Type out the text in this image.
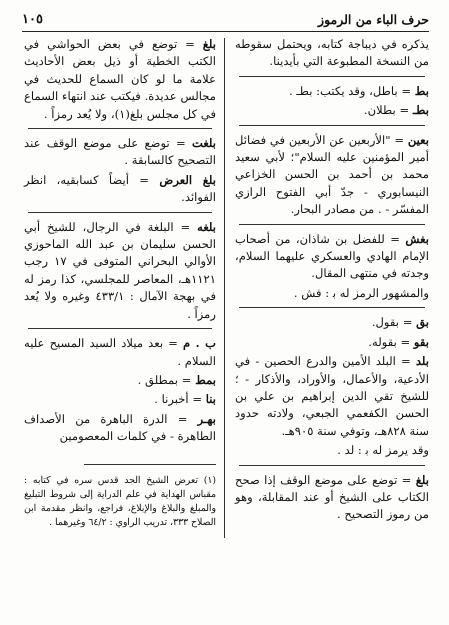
حرف الباء من الرموز
١٠٥

يذكره في ديباجة كتابه، ويحتمل سقوطه من النسخة المطبوعة التي بأيدينا.

بط = باطل، وقد يكتب: بطـ .

بطـ = بطلان.

بعين = "الأربعين عن الأربعين في فضائل أمير المؤمنين عليه السلام"؛ لأبي سعيد محمد بن أحمد بن الحسن الخزاعي النيسابوري - جدّ أبي الفتوح الرازي المفسّر - . من مصادر البحار.

بغش = للفضل بن شاذان، من أصحاب الإمام الهادي والعسكري عليهما السلام، وجدته في منتهى المقال.

والمشهور الرمز له ب‍ : فش .

بق = بقول.

بقو = بقوله.

بلد = البلد الأمين والدرع الحصين - في الأدعية، والأعمال، والأوراد، والأذكار - ؛ للشيخ تقي الدين إبراهيم بن علي بن الحسن الكفعمي الجبعي، ولادته حدود سنة ٨٢٨هـ، وتوفي سنة ٩٠٥هـ.

وقد يرمز له ب‍ : لد .

بلغ = توضع على موضع الوقف إذا صحح الكتاب على الشيخ أو عند المقابلة، وهو من رموز التصحيح .

بلغ = توضع في بعض الحواشي في الكتب الخطية أو ذيل بعض الأحاديث علامة ما لو كان السماع للحديث في مجالس عديدة. فيكتب عند انتهاء السماع في كل مجلس بلغ(١)، ولا يُعد رمزاً .

بلغت = توضع على موضع الوقف عند التصحيح كالسابقة .

بلغ العرض = أيضاً كسابقيه، انظر الفوائد.

بلغه = البلغة في الرجال، للشيخ أبي الحسن سليمان بن عبد الله الماحوزي الأوالي البحراني المتوفى في ١٧ رجب ١١٢١هـ، المعاصر للمجلسي، كذا رمز له في بهجة الآمال : ٤٣٣/١ وغيره ولا يُعد رمزاً .

ب . م = بعد ميلاد السيد المسيح عليه السلام .

بمط = بمطلق .

بنا = أخبرنا .

بهـر = الدرة الباهرة من الأصداف الطاهرة - في كلمات المعصومين

(١) تعرض الشيخ الجد قدس سره في كتابه : مقباس الهداية في علم الدراية إلى شروط التبليغ والمبلغ والبلاغ والإبلاغ، فراجع، وانظر مقدمة ابن الصلاح ٣٣٣، تدريب الراوي : ٦٤/٢ وغيرهما .
